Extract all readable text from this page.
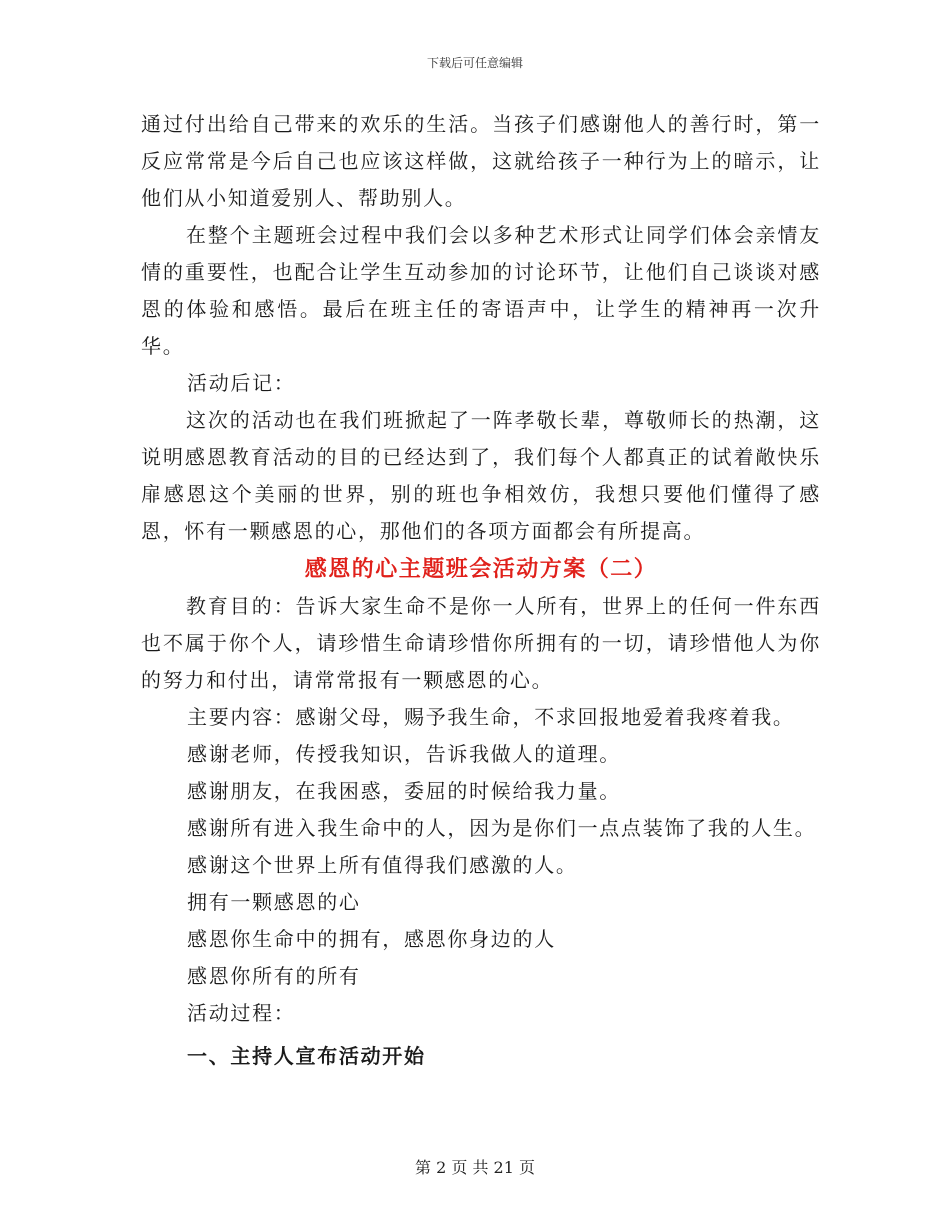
下载后可任意编辑

通过付出给自己带来的欢乐的生活。当孩子们感谢他人的善行时，第一反应常常是今后自己也应该这样做，这就给孩子一种行为上的暗示，让他们从小知道爱别人、帮助别人。

在整个主题班会过程中我们会以多种艺术形式让同学们体会亲情友情的重要性，也配合让学生互动参加的讨论环节，让他们自己谈谈对感恩的体验和感悟。最后在班主任的寄语声中，让学生的精神再一次升华。

活动后记：

这次的活动也在我们班掀起了一阵孝敬长辈，尊敬师长的热潮，这说明感恩教育活动的目的已经达到了，我们每个人都真正的试着敞快乐扉感恩这个美丽的世界，别的班也争相效仿，我想只要他们懂得了感恩，怀有一颗感恩的心，那他们的各项方面都会有所提高。

感恩的心主题班会活动方案（二）

教育目的：告诉大家生命不是你一人所有，世界上的任何一件东西也不属于你个人，请珍惜生命请珍惜你所拥有的一切，请珍惜他人为你的努力和付出，请常常报有一颗感恩的心。

主要内容：感谢父母，赐予我生命，不求回报地爱着我疼着我。

感谢老师，传授我知识，告诉我做人的道理。

感谢朋友，在我困惑，委屈的时候给我力量。

感谢所有进入我生命中的人，因为是你们一点点装饰了我的人生。

感谢这个世界上所有值得我们感激的人。

拥有一颗感恩的心

感恩你生命中的拥有，感恩你身边的人

感恩你所有的所有

活动过程：

一、主持人宣布活动开始
第 2 页 共 21 页
